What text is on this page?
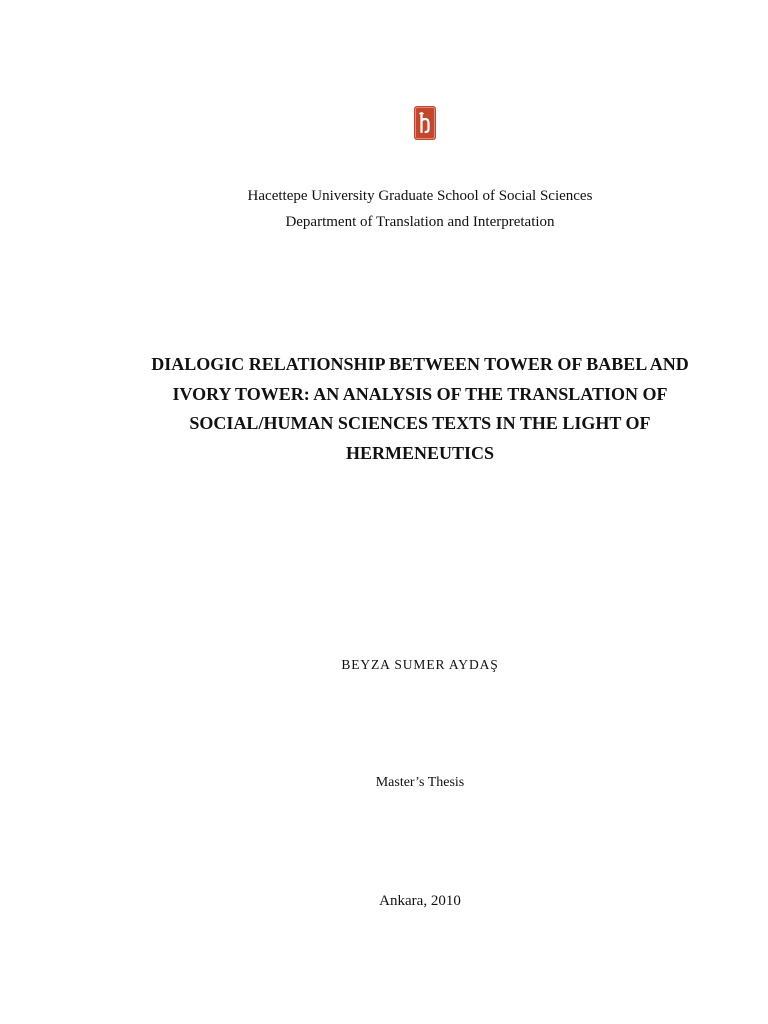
Hacettepe University Graduate School of Social Sciences
Department of Translation and Interpretation
DIALOGIC RELATIONSHIP BETWEEN TOWER OF BABEL AND
IVORY TOWER: AN ANALYSIS OF THE TRANSLATION OF
SOCIAL/HUMAN SCIENCES TEXTS IN THE LIGHT OF
HERMENEUTICS
BEYZA SUMER AYDAŞ
Master’s Thesis
Ankara, 2010
